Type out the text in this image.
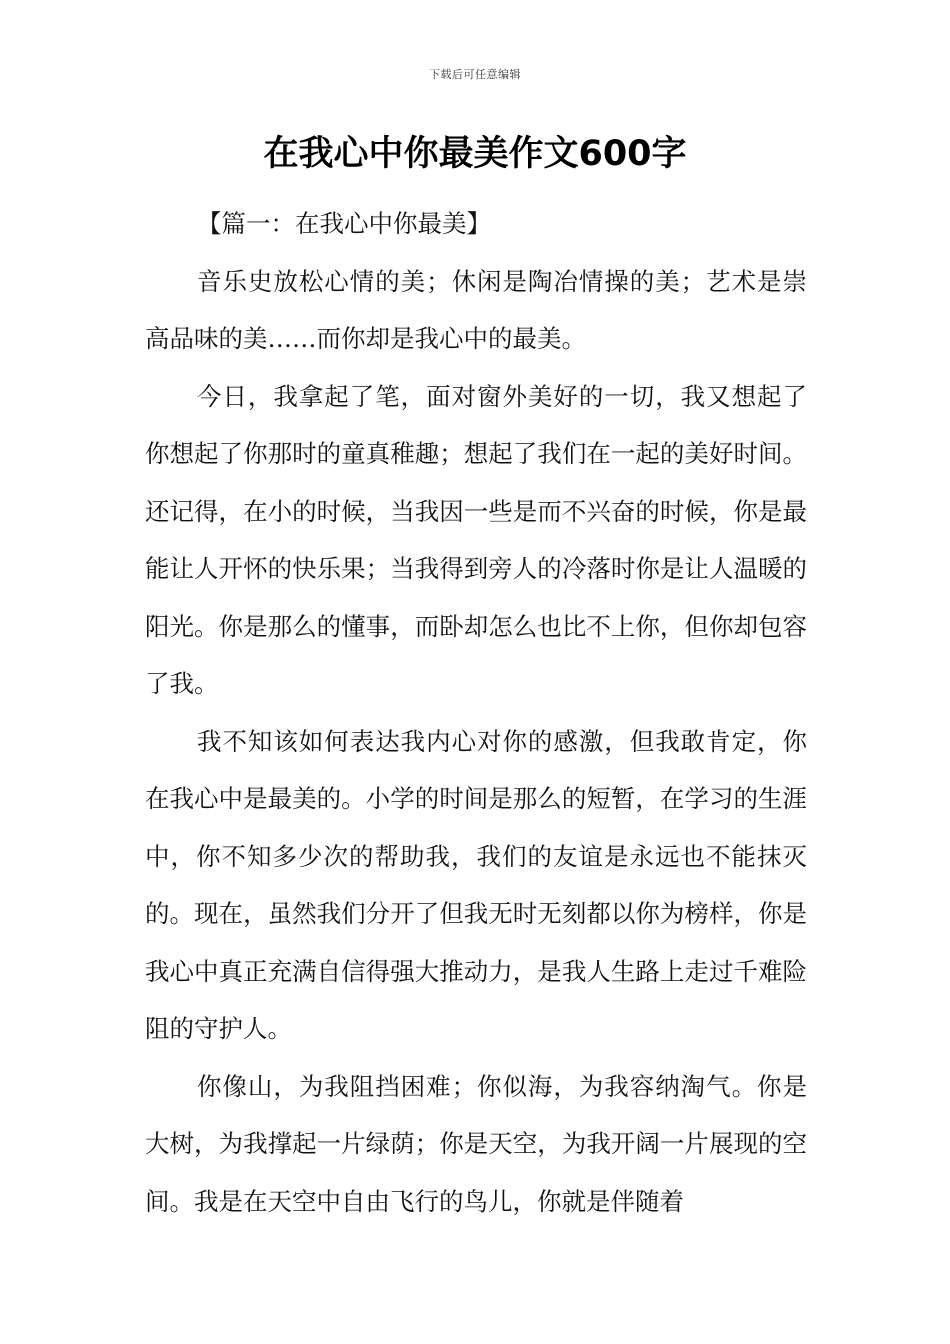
下载后可任意编辑
在我心中你最美作文600字

【篇一：在我心中你最美】

音乐史放松心情的美；休闲是陶冶情操的美；艺术是崇高品味的美……而你却是我心中的最美。

今日，我拿起了笔，面对窗外美好的一切，我又想起了你想起了你那时的童真稚趣；想起了我们在一起的美好时间。还记得，在小的时候，当我因一些是而不兴奋的时候，你是最能让人开怀的快乐果；当我得到旁人的冷落时你是让人温暖的阳光。你是那么的懂事，而卧却怎么也比不上你，但你却包容了我。

我不知该如何表达我内心对你的感激，但我敢肯定，你在我心中是最美的。小学的时间是那么的短暂，在学习的生涯中，你不知多少次的帮助我，我们的友谊是永远也不能抹灭的。现在，虽然我们分开了但我无时无刻都以你为榜样，你是我心中真正充满自信得强大推动力，是我人生路上走过千难险阻的守护人。

你像山，为我阻挡困难；你似海，为我容纳淘气。你是大树，为我撑起一片绿荫；你是天空，为我开阔一片展现的空间。我是在天空中自由飞行的鸟儿，你就是伴随着
